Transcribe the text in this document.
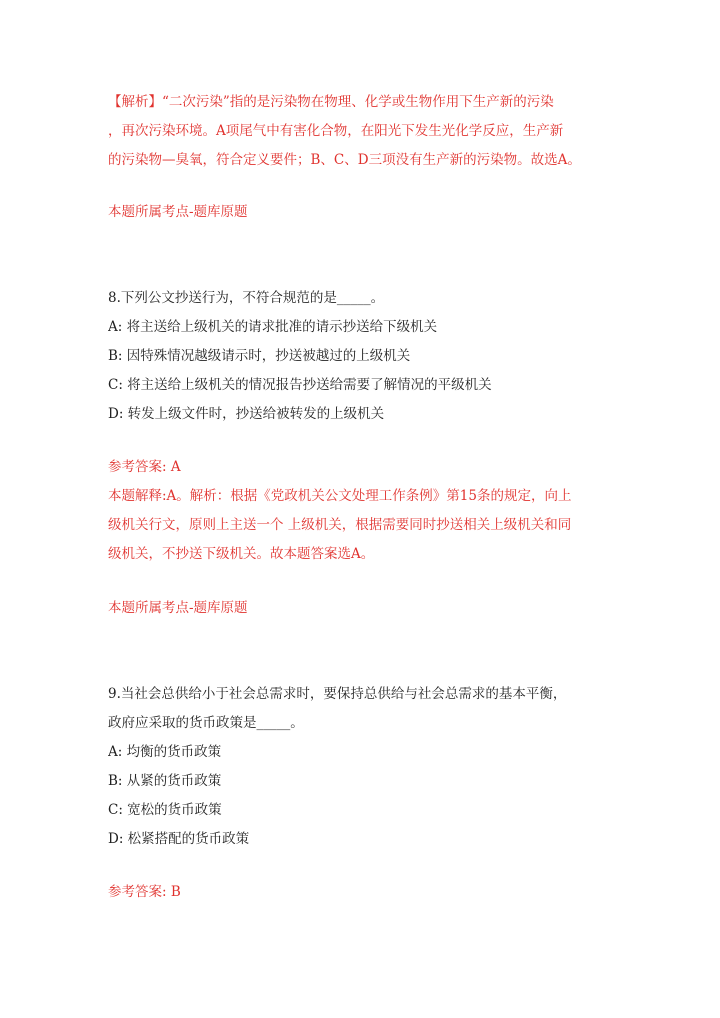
【解析】“二次污染”指的是污染物在物理、化学或生物作用下生产新的污染
，再次污染环境。A项尾气中有害化合物，在阳光下发生光化学反应，生产新
的污染物—臭氧，符合定义要件；B、C、D三项没有生产新的污染物。故选A。
本题所属考点-题库原题
8.下列公文抄送行为，不符合规范的是_____。
A: 将主送给上级机关的请求批准的请示抄送给下级机关
B: 因特殊情况越级请示时，抄送被越过的上级机关
C: 将主送给上级机关的情况报告抄送给需要了解情况的平级机关
D: 转发上级文件时，抄送给被转发的上级机关
参考答案: A
本题解释:A。解析：根据《党政机关公文处理工作条例》第15条的规定，向上
级机关行文，原则上主送一个 上级机关，根据需要同时抄送相关上级机关和同
级机关，不抄送下级机关。故本题答案选A。
本题所属考点-题库原题
9.当社会总供给小于社会总需求时，要保持总供给与社会总需求的基本平衡，
政府应采取的货币政策是_____。
A: 均衡的货币政策
B: 从紧的货币政策
C: 宽松的货币政策
D: 松紧搭配的货币政策
参考答案: B
